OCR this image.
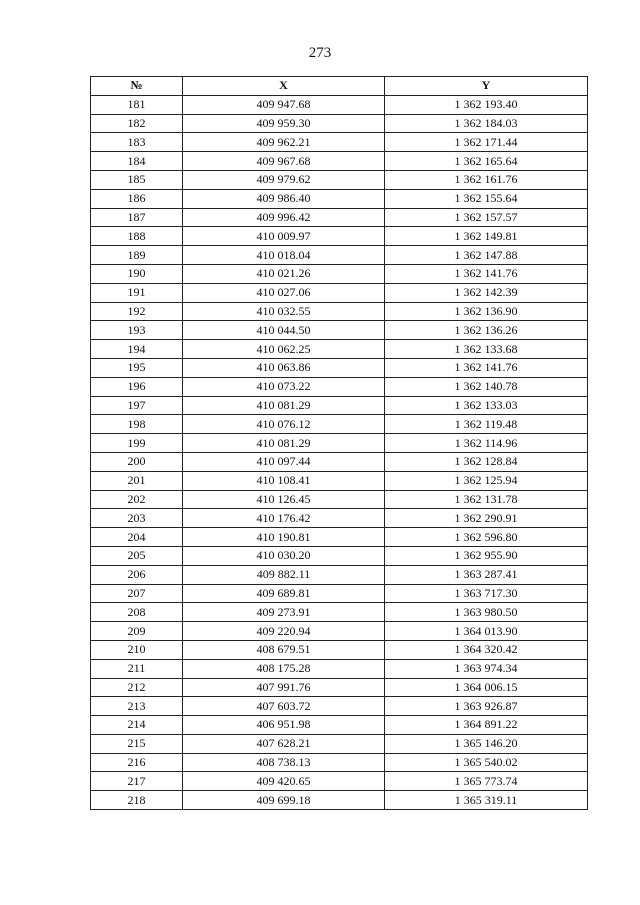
273
№	X	Y
181	409 947.68	1 362 193.40
182	409 959.30	1 362 184.03
183	409 962.21	1 362 171.44
184	409 967.68	1 362 165.64
185	409 979.62	1 362 161.76
186	409 986.40	1 362 155.64
187	409 996.42	1 362 157.57
188	410 009.97	1 362 149.81
189	410 018.04	1 362 147.88
190	410 021.26	1 362 141.76
191	410 027.06	1 362 142.39
192	410 032.55	1 362 136.90
193	410 044.50	1 362 136.26
194	410 062.25	1 362 133.68
195	410 063.86	1 362 141.76
196	410 073.22	1 362 140.78
197	410 081.29	1 362 133.03
198	410 076.12	1 362 119.48
199	410 081.29	1 362 114.96
200	410 097.44	1 362 128.84
201	410 108.41	1 362 125.94
202	410 126.45	1 362 131.78
203	410 176.42	1 362 290.91
204	410 190.81	1 362 596.80
205	410 030.20	1 362 955.90
206	409 882.11	1 363 287.41
207	409 689.81	1 363 717.30
208	409 273.91	1 363 980.50
209	409 220.94	1 364 013.90
210	408 679.51	1 364 320.42
211	408 175.28	1 363 974.34
212	407 991.76	1 364 006.15
213	407 603.72	1 363 926.87
214	406 951.98	1 364 891.22
215	407 628.21	1 365 146.20
216	408 738.13	1 365 540.02
217	409 420.65	1 365 773.74
218	409 699.18	1 365 319.11
